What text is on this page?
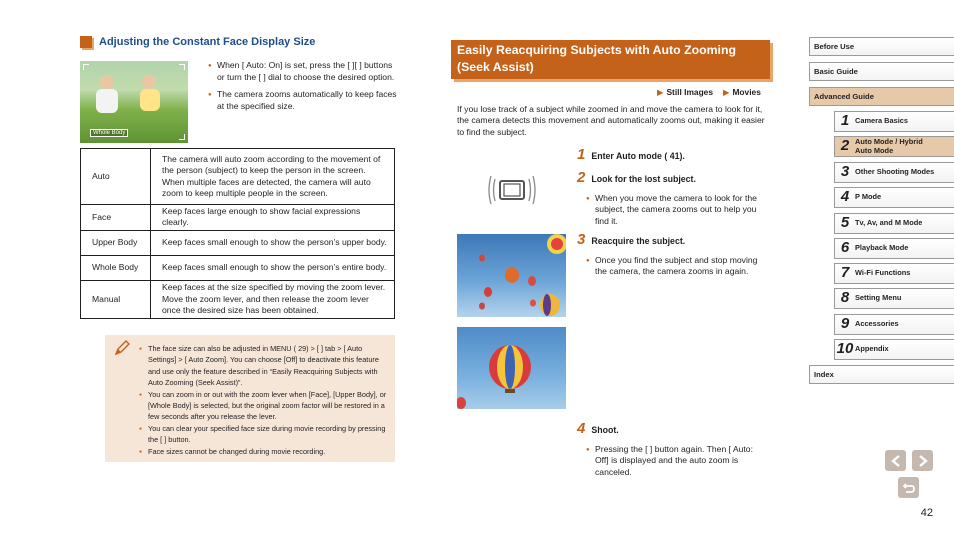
Adjusting the Constant Face Display Size
Whole Body
● When [ Auto: On] is set, press the [ ][ ] buttons or turn the [ ] dial to choose the desired option.
● The camera zooms automatically to keep faces at the specified size.
Auto	The camera will auto zoom according to the movement of the person (subject) to keep the person in the screen.
When multiple faces are detected, the camera will auto zoom to keep multiple people in the screen.
Face	Keep faces large enough to show facial expressions clearly.
Upper Body	Keep faces small enough to show the person’s upper body.
Whole Body	Keep faces small enough to show the person’s entire body.
Manual	Keep faces at the size specified by moving the zoom lever. Move the zoom lever, and then release the zoom lever once the desired size has been obtained.
● The face size can also be adjusted in MENU ( 29) > [ ] tab > [ Auto Settings] > [ Auto Zoom]. You can choose [Off] to deactivate this feature and use only the feature described in “Easily Reacquiring Subjects with Auto Zooming (Seek Assist)”.
● You can zoom in or out with the zoom lever when [Face], [Upper Body], or [Whole Body] is selected, but the original zoom factor will be restored in a few seconds after you release the lever.
● You can clear your specified face size during movie recording by pressing the [ ] button.
● Face sizes cannot be changed during movie recording.
Easily Reacquiring Subjects with Auto Zooming (Seek Assist)
▶ Still Images	▶ Movies

If you lose track of a subject while zoomed in and move the camera to look for it, the camera detects this movement and automatically zooms out, making it easier to find the subject.

1 Enter Auto mode ( 41).
2 Look for the lost subject.
● When you move the camera to look for the subject, the camera zooms out to help you find it.
3 Reacquire the subject.
● Once you find the subject and stop moving the camera, the camera zooms in again.
4 Shoot.
● Pressing the [ ] button again. Then [ Auto: Off] is displayed and the auto zoom is canceled.
Before Use
Basic Guide
Advanced Guide
1 Camera Basics
2 Auto Mode / Hybrid Auto Mode
3 Other Shooting Modes
4 P Mode
5 Tv, Av, and M Mode
6 Playback Mode
7 Wi-Fi Functions
8 Setting Menu
9 Accessories
10 Appendix
Index
42
